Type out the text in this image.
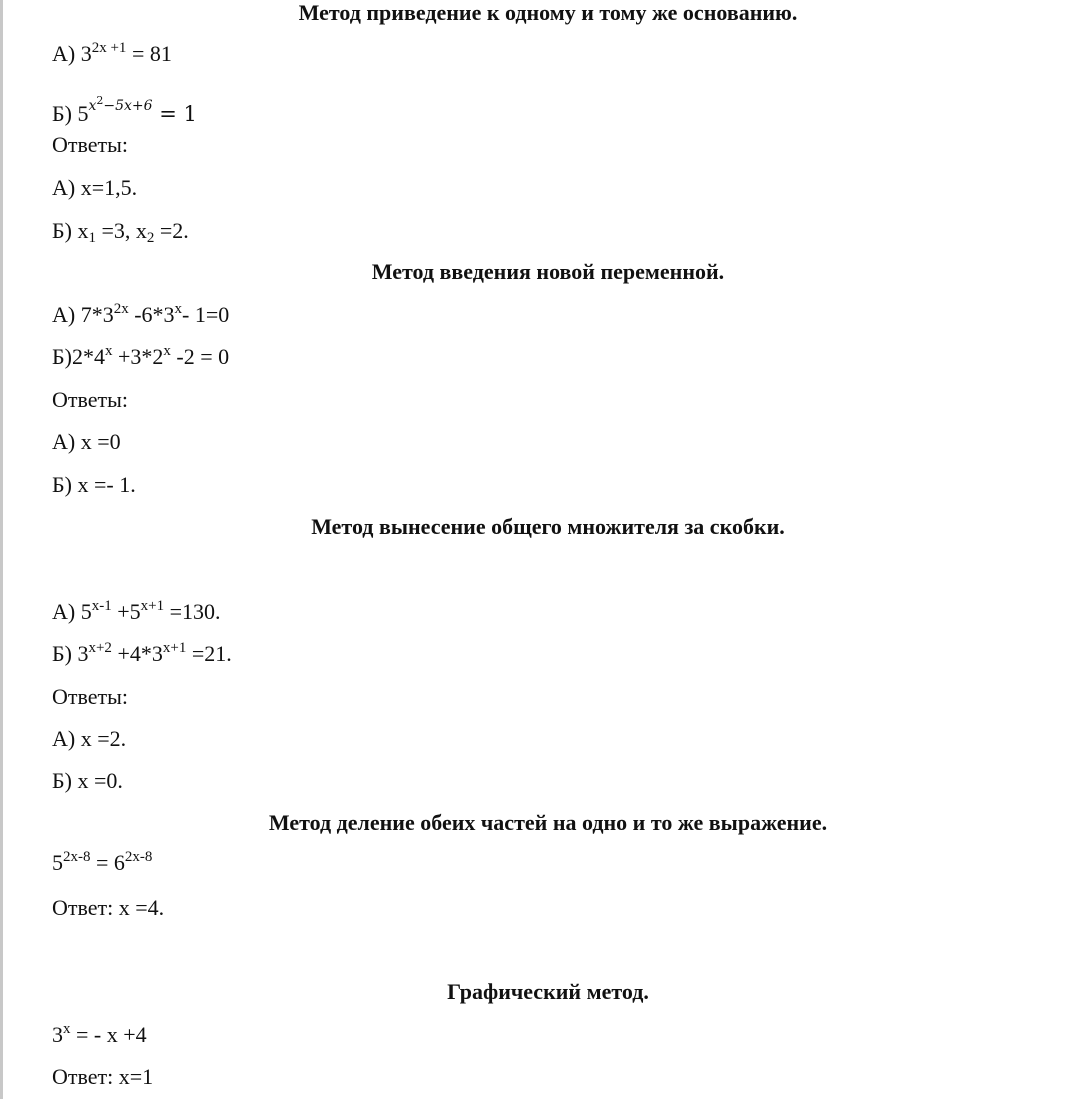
Метод приведение к одному и тому же основанию.
А) $3^{2x +1} = 81$
Б) $5^{x2-5x+6} = 1$
Ответы:
А) x=1,5.
Б) $x_1 =3$, $x_2 =2$.
Метод введения новой переменной.
А) $7*3^{2x}$ -6*3$^x$- 1=0
$Б)2*4^x +3*2^x$ -2 = 0
Ответы:
А) x =0
Б) x =- 1.
Метод вынесение общего множителя за скобки.
А) $5^{x-1} +5^{x+1} =130$.
Б) $3^{x+2} +4*3^{x+1} =21$.
Ответы:
А) x =2.
Б) x =0.
Метод деление обеих частей на одно и то же выражение.
$5^{2x-8} = 6^{2x-8}$
Ответ: x =4.
Графический метод.
$3^x$ = - x +4
Ответ: x=1
